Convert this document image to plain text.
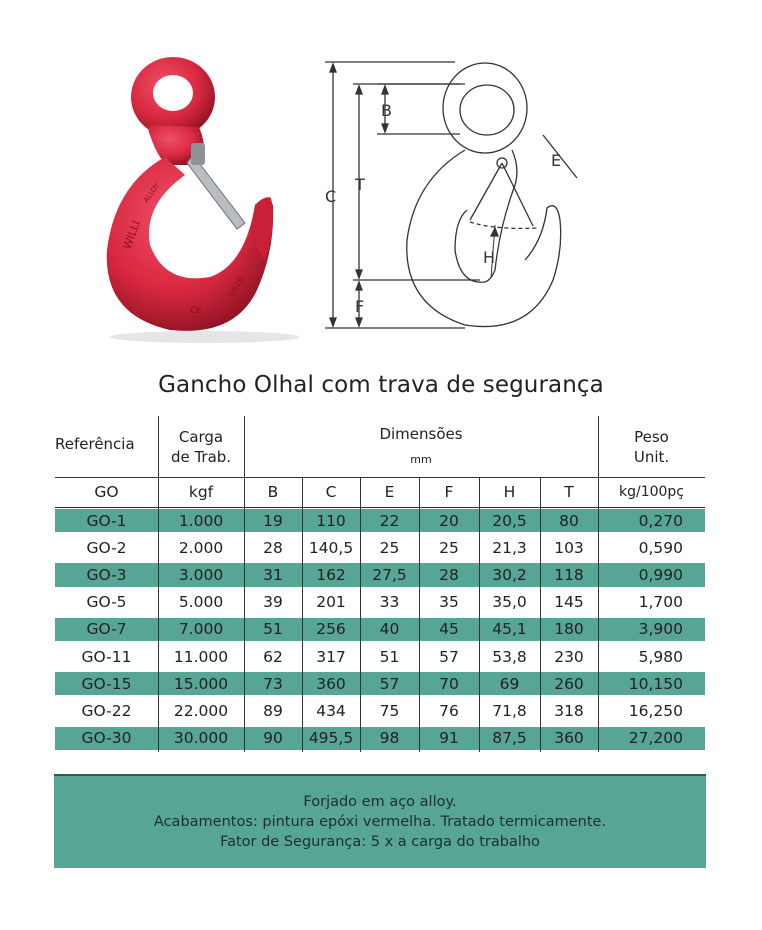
WILLI
ALLOY
CE
DS20
C
T
B
F
E
H
Gancho Olhal com trava de segurança
Referência	Carga
de Trab.
Dimensões
mm
Peso
Unit.
GO	kgf	B	C	E	F	H	T	kg/100pç
GO-1	1.000	19	110	22	20	20,5	80	0,270
GO-2	2.000	28	140,5	25	25	21,3	103	0,590
GO-3	3.000	31	162	27,5	28	30,2	118	0,990
GO-5	5.000	39	201	33	35	35,0	145	1,700
GO-7	7.000	51	256	40	45	45,1	180	3,900
GO-11	11.000	62	317	51	57	53,8	230	5,980
GO-15	15.000	73	360	57	70	69	260	10,150
GO-22	22.000	89	434	75	76	71,8	318	16,250
GO-30	30.000	90	495,5	98	91	87,5	360	27,200
Forjado em aço alloy.
Acabamentos: pintura epóxi vermelha. Tratado termicamente.
Fator de Segurança: 5 x a carga do trabalho
